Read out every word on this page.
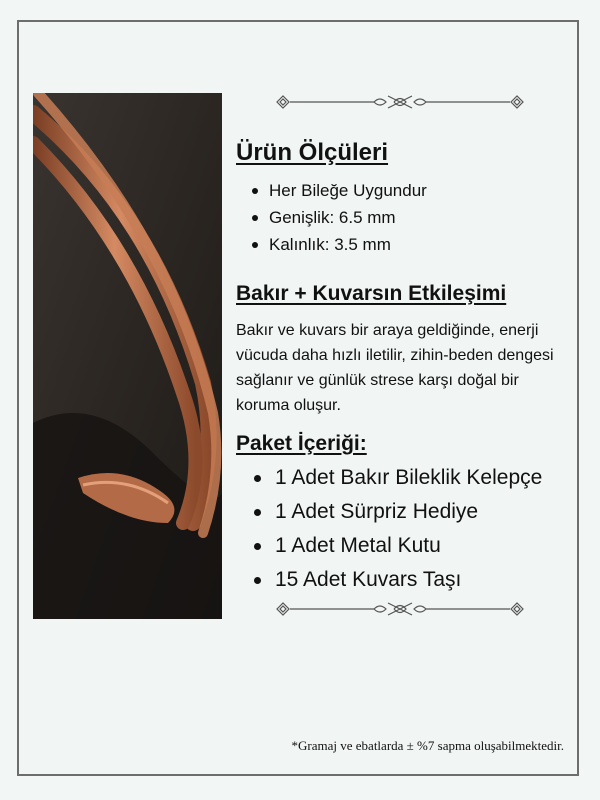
Ürün Ölçüleri
Her Bileğe Uygundur
Genişlik: 6.5 mm
Kalınlık: 3.5 mm
Bakır + Kuvarsın Etkileşimi

Bakır ve kuvars bir araya geldiğinde, enerji vücuda daha hızlı iletilir, zihin-beden dengesi sağlanır ve günlük strese karşı doğal bir koruma oluşur.

Paket İçeriği:
1 Adet Bakır Bileklik Kelepçe
1 Adet Sürpriz Hediye
1 Adet Metal Kutu
15 Adet Kuvars Taşı

*Gramaj ve ebatlarda ± %7 sapma oluşabilmektedir.
